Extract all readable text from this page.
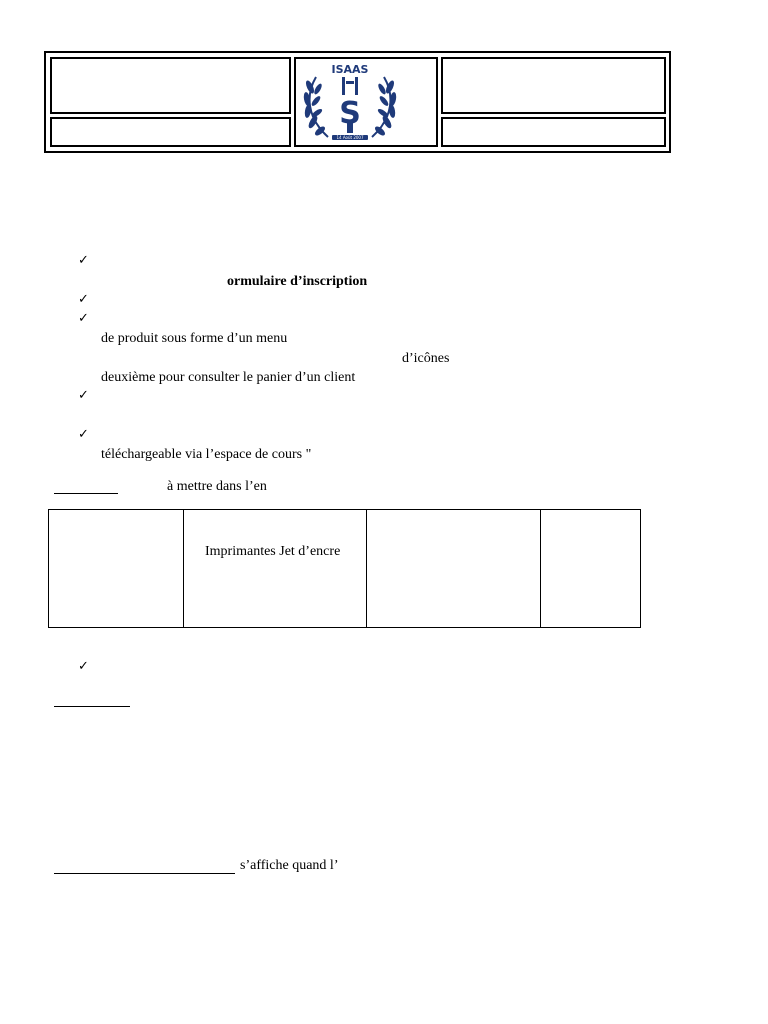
ISAAS
S
14 Août 2007
✓
ormulaire d’inscription
✓
✓
de produit sous forme d’un menu
d’icônes
deuxième pour consulter le panier d’un client
✓
✓
téléchargeable via l’espace de cours "
à mettre dans l’en

Imprimantes Jet d’encre

✓
s’affiche quand l’
